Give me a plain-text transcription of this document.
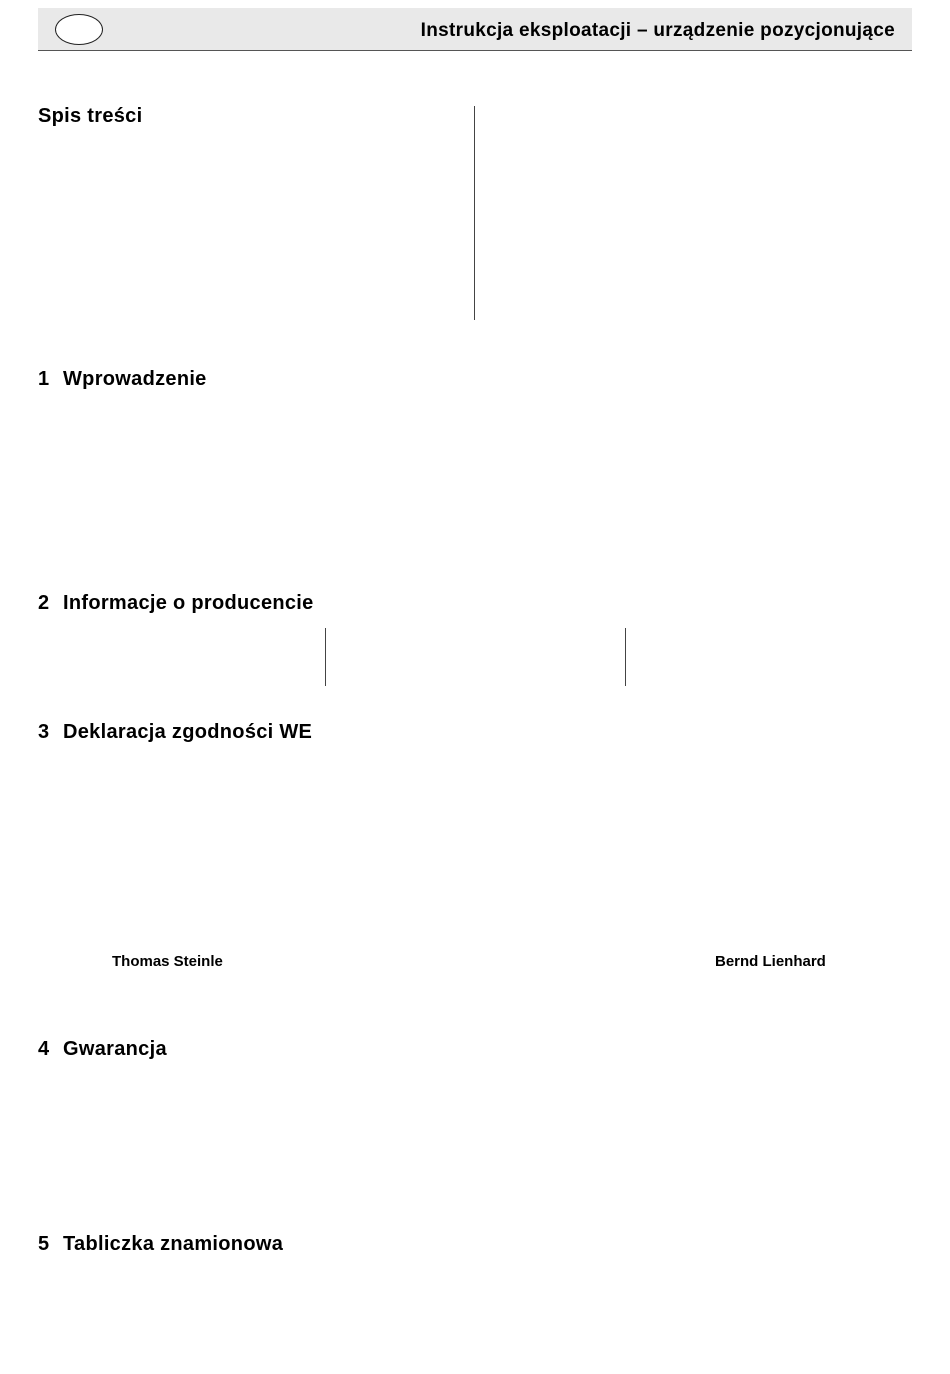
Instrukcja eksploatacji – urządzenie pozycjonujące
Spis treści
1 Wprowadzenie
2 Informacje o producencie
3 Deklaracja zgodności WE
Thomas Steinle	Bernd Lienhard
4 Gwarancja
5 Tabliczka znamionowa
